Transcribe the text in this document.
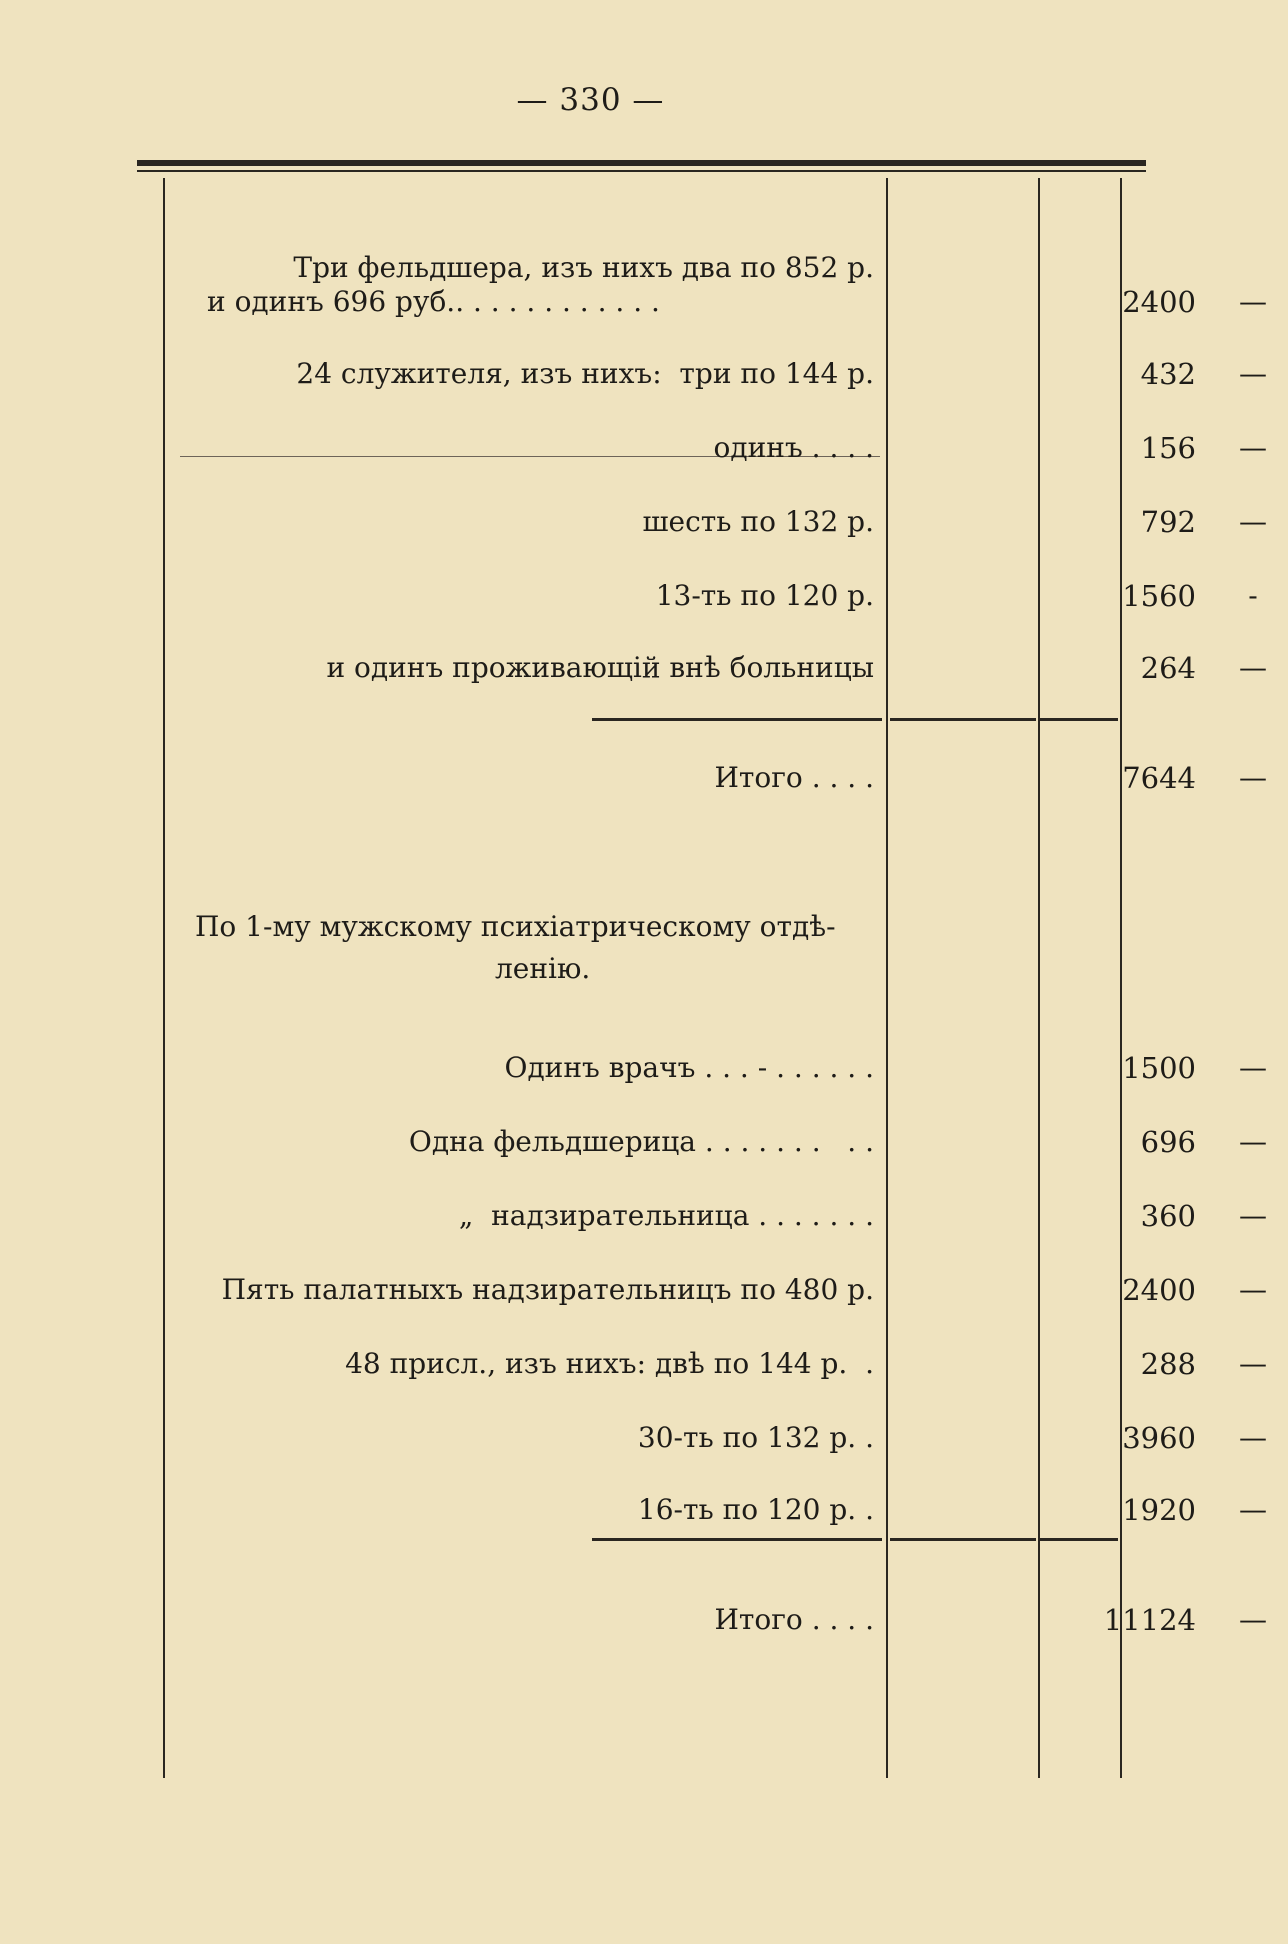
— 330 —
Три фельдшера, изъ нихъ два по 852 р.
и одинъ 696 руб.. . . . . . . . . . . .	2400	—
24 служителя, изъ нихъ:  три по 144 р.	432	—
одинъ . . . .	156	—
шесть по 132 р.	792	—
13-ть по 120 р.	1560	-
и одинъ проживающій внѣ больницы	264	—
Итого . . . .	7644	—
По 1-му мужскому психіатрическому отдѣ-
ленію.
Одинъ врачъ . . . - . . . . . .	1500	—
Одна фельдшерица . . . . . . .   . .	696	—
„  надзирательница . . . . . . .	360	—
Пять палатныхъ надзирательницъ по 480 р.	2400	—
48 присл., изъ нихъ: двѣ по 144 р.  .	288	—
30-ть по 132 р. .	3960	—
16-ть по 120 р. .	1920	—
Итого . . . .	11124	—
